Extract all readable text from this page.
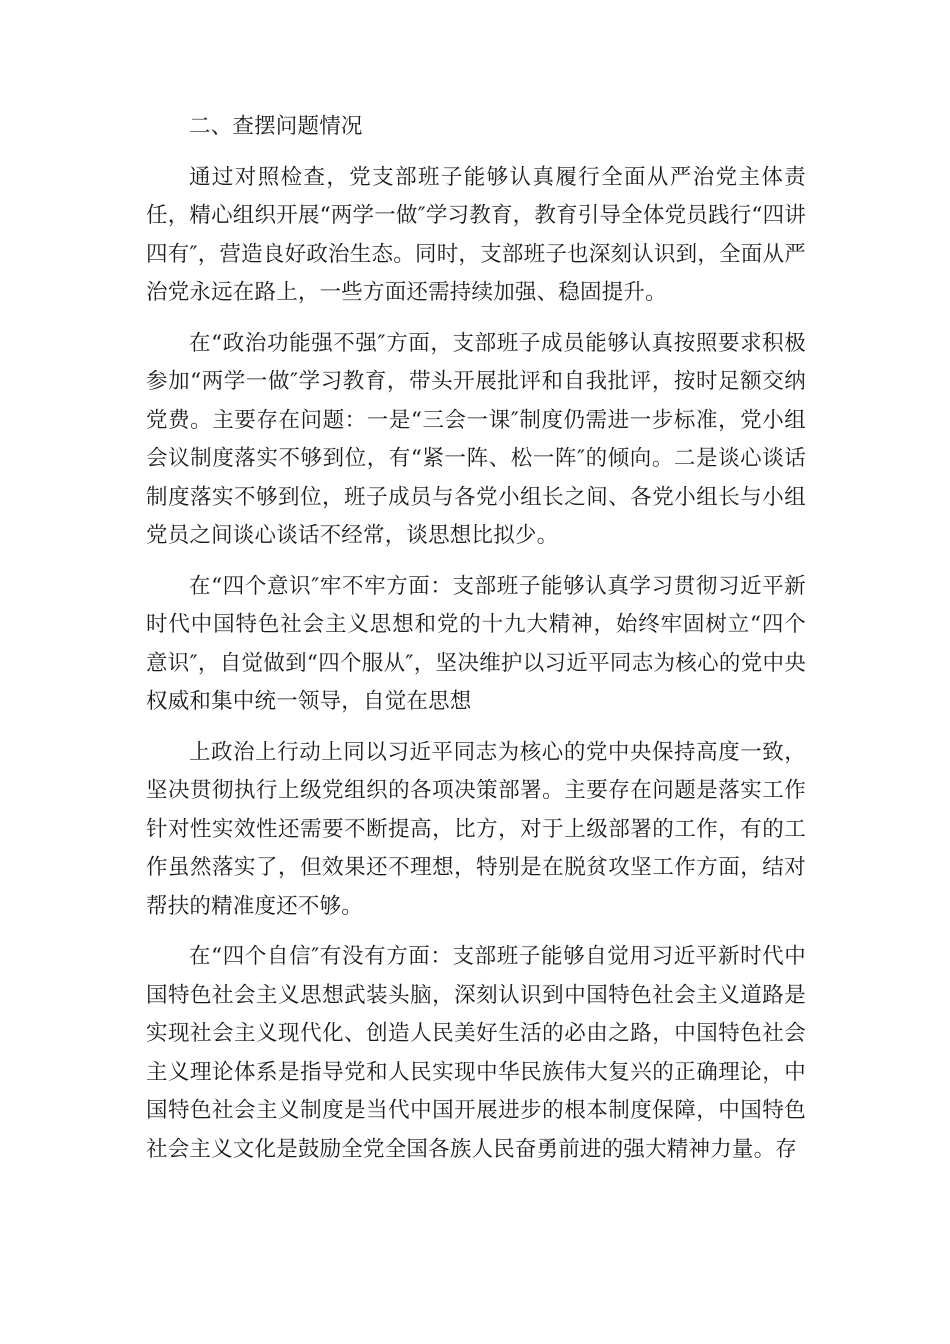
二、查摆问题情况

通过对照检查，党支部班子能够认真履行全面从严治党主体责任，精心组织开展“两学一做″学习教育，教育引导全体党员践行“四讲四有″，营造良好政治生态。同时，支部班子也深刻认识到，全面从严治党永远在路上，一些方面还需持续加强、稳固提升。

在“政治功能强不强″方面，支部班子成员能够认真按照要求积极参加“两学一做″学习教育，带头开展批评和自我批评，按时足额交纳党费。主要存在问题：一是“三会一课″制度仍需进一步标准，党小组会议制度落实不够到位，有“紧一阵、松一阵″的倾向。二是谈心谈话制度落实不够到位，班子成员与各党小组长之间、各党小组长与小组党员之间谈心谈话不经常，谈思想比拟少。

在“四个意识″牢不牢方面：支部班子能够认真学习贯彻习近平新时代中国特色社会主义思想和党的十九大精神，始终牢固树立“四个意识″，自觉做到“四个服从″，坚决维护以习近平同志为核心的党中央权威和集中统一领导，自觉在思想

上政治上行动上同以习近平同志为核心的党中央保持高度一致，坚决贯彻执行上级党组织的各项决策部署。主要存在问题是落实工作针对性实效性还需要不断提高，比方，对于上级部署的工作，有的工作虽然落实了，但效果还不理想，特别是在脱贫攻坚工作方面，结对帮扶的精准度还不够。

在“四个自信″有没有方面：支部班子能够自觉用习近平新时代中国特色社会主义思想武装头脑，深刻认识到中国特色社会主义道路是实现社会主义现代化、创造人民美好生活的必由之路，中国特色社会主义理论体系是指导党和人民实现中华民族伟大复兴的正确理论，中国特色社会主义制度是当代中国开展进步的根本制度保障，中国特色社会主义文化是鼓励全党全国各族人民奋勇前进的强大精神力量。存
